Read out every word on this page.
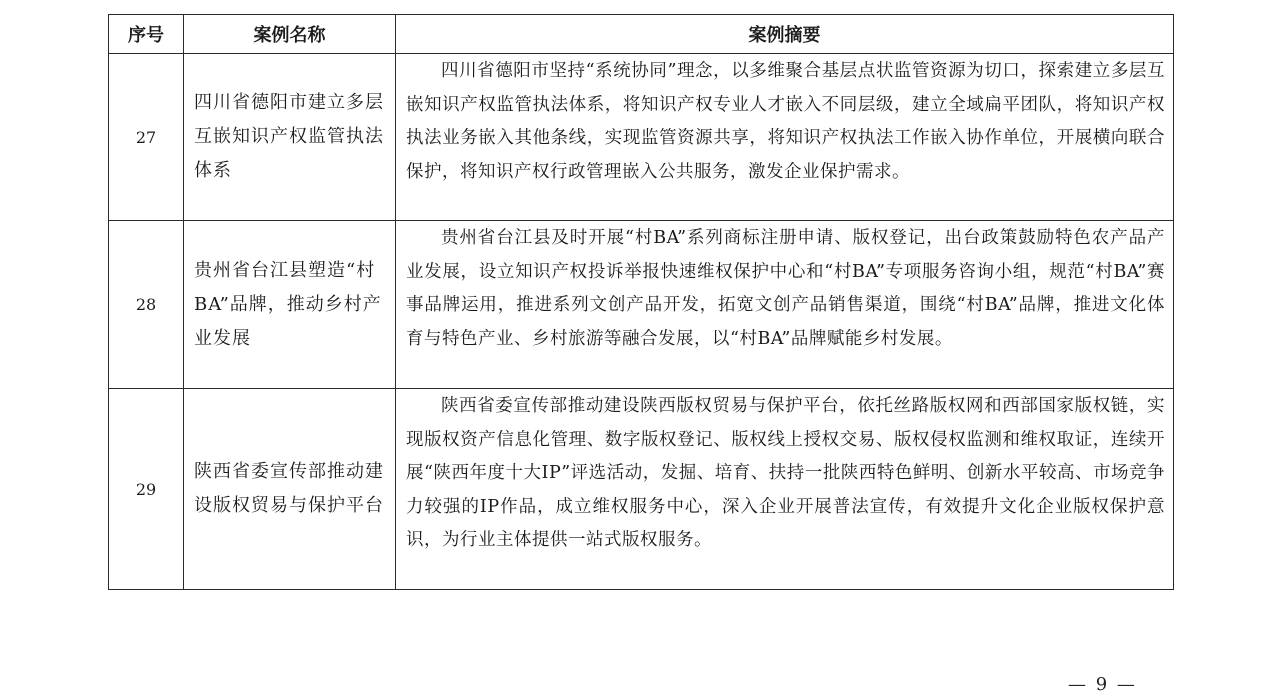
序号	案例名称	案例摘要
27	四川省德阳市建立多层互嵌知识产权监管执法体系	四川省德阳市坚持“系统协同”理念，以多维聚合基层点状监管资源为切口，探索建立多层互嵌知识产权监管执法体系，将知识产权专业人才嵌入不同层级，建立全域扁平团队，将知识产权执法业务嵌入其他条线，实现监管资源共享，将知识产权执法工作嵌入协作单位，开展横向联合保护，将知识产权行政管理嵌入公共服务，激发企业保护需求。

28	贵州省台江县塑造“村BA”品牌，推动乡村产业发展	贵州省台江县及时开展“村BA”系列商标注册申请、版权登记，出台政策鼓励特色农产品产业发展，设立知识产权投诉举报快速维权保护中心和“村BA”专项服务咨询小组，规范“村BA”赛事品牌运用，推进系列文创产品开发，拓宽文创产品销售渠道，围绕“村BA”品牌，推进文化体育与特色产业、乡村旅游等融合发展，以“村BA”品牌赋能乡村发展。

29	陕西省委宣传部推动建设版权贸易与保护平台	陕西省委宣传部推动建设陕西版权贸易与保护平台，依托丝路版权网和西部国家版权链，实现版权资产信息化管理、数字版权登记、版权线上授权交易、版权侵权监测和维权取证，连续开展“陕西年度十大IP”评选活动，发掘、培育、扶持一批陕西特色鲜明、创新水平较高、市场竞争力较强的IP作品，成立维权服务中心，深入企业开展普法宣传，有效提升文化企业版权保护意识，为行业主体提供一站式版权服务。

— 9 —
